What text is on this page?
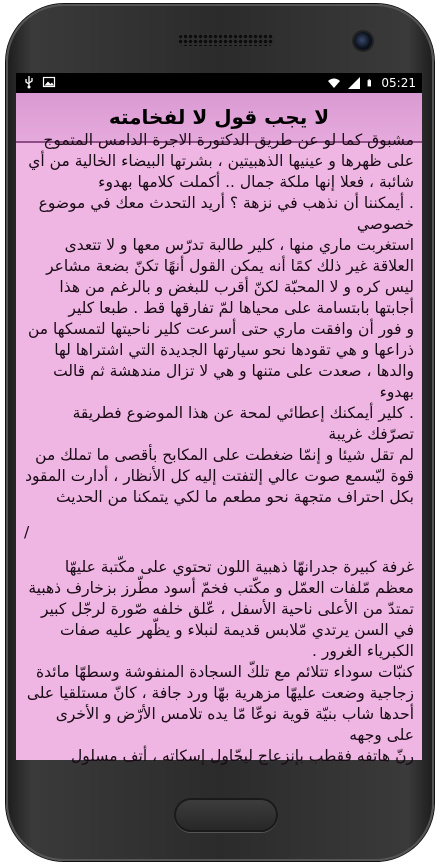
05:21
لا يجب قول لا لفخامته

مشبوق كما لو عن طريق الدكتورة الاجرة الدامس المتموج على ظهرها و عينيها الذهبيتين ، بشرتها البيضاء الخالية من أي شائبة ، فعلا إنها ملكة جمال .. أكملت كلامها بهدوء

. أيمكننا أن نذهب في نزهة ؟ أريد التحدث معك في موضوع خصوصي

استغربت ماري منها ، كلير طالبة تدرّس معها و لا تتعدى العلاقة غير ذلك كمًا أنه يمكن القول أنهًا تكنّ بضعة مشاعر ليس كره و لا المحبّة لكنّ أقرب للبغض و بالرغم من هذا أجابتها بابتسامة على محياها لمّ تفارقها قط . طبعا كلير

و فور أن وافقت ماري حتى أسرعت كلير ناحيتها لتمسكها من ذراعها و هي تقودها نحو سيارتها الجديدة التي اشتراها لها والدها ، صعدت على متنها و هي لا تزال مندهشة ثم قالت بهدوء

. كلير أيمكنك إعطائي لمحة عن هذا الموضوع فطريقة تصرّفك غريبة

لم تقل شيئا و إنمّا ضغطت على المكابح بأقصى ما تملك من قوة ليّسمع صوت عالي إلتفتت إليه كل الأنظار ، أدارت المقود بكل احتراف متجهة نحو مطعم ما لكي يتمكنا من الحديث

/

غرفة كبيرة جدرانهّا ذهبية اللون تحتوي على مكّتبة عليهّا معظم مّلفات العمّل و مكّتب فخمّ أسود مطّرز بزخارف ذهبية تمتدّ من الأعلى ناحية الأسفل ، عّلق خلفه صّورة لرجّل كبير في السن يرتدي مّلابس قديمة لنبلاء و يظّهر عليه صفات الكبرياء الغرور .

كنبّات سوداء تتلائم مع تلكّ السجادة المنفوشة وسطهّا مائدة زجاجية وضعت عليهّا مزهرية بهّا ورد جافة ، كانّ مستلقيا على أحدها شاب بنيّة قوية نوعّا مّا يده تلامس الأرّض و الأخرى على وجهه

رنّ هاتفه فقطب بإنزعاج ليحّاول إسكاته ، أتف مسلول
